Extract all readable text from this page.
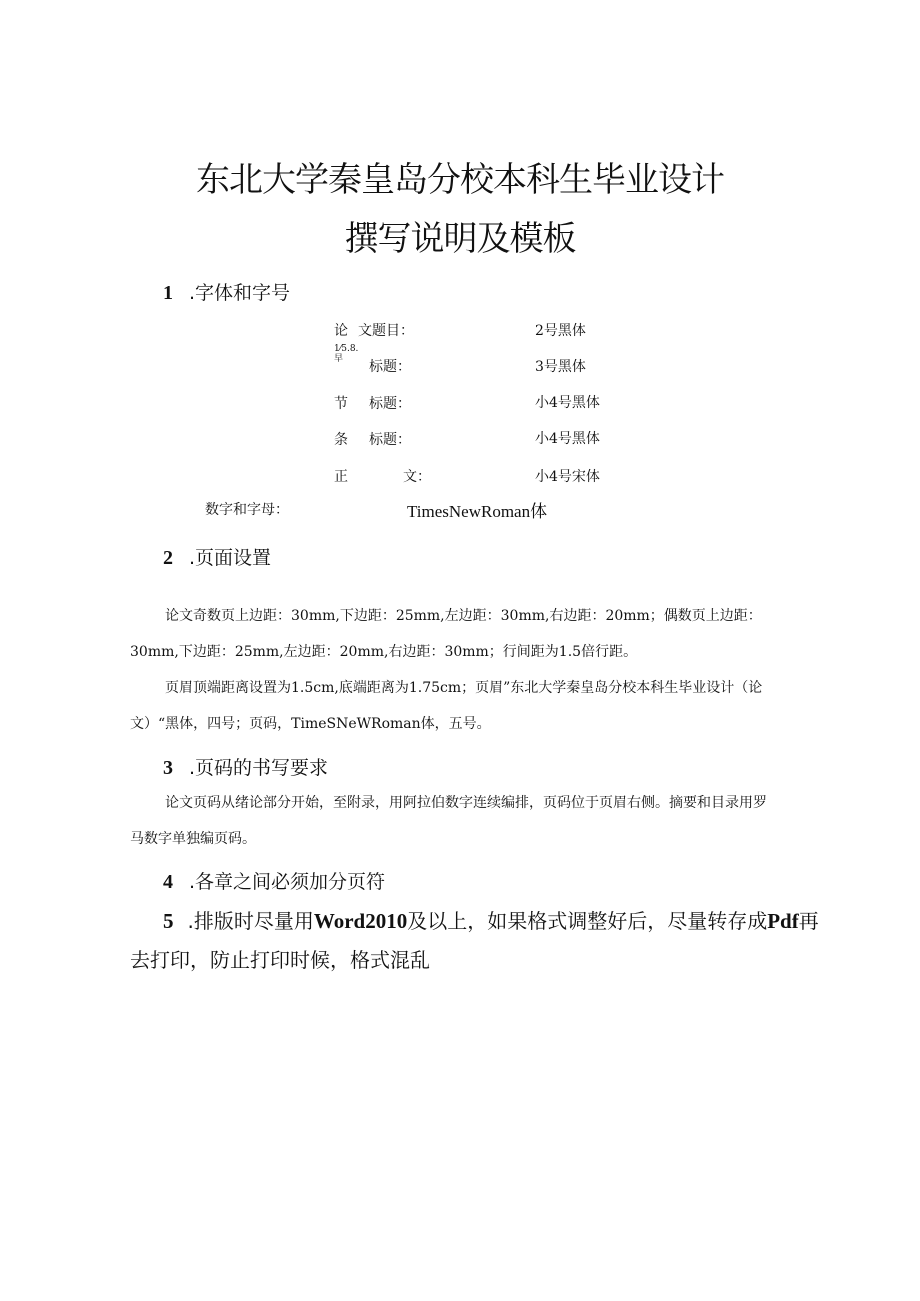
东北大学秦皇岛分校本科生毕业设计
撰写说明及模板
1 .字体和字号
论 文题目：	2号黑体
1⁄5.8.早	标题：	3号黑体
节 标题：	小4号黑体
条 标题：	小4号黑体
正	文：	小4号宋体
数字和字母：	TimesNewRoman体
2 .页面设置
论文奇数页上边距：30mm,下边距：25mm,左边距：30mm,右边距：20mm；偶数页上边距：
30mm,下边距：25mm,左边距：20mm,右边距：30mm；行间距为1.5倍行距。
页眉顶端距离设置为1.5cm,底端距离为1.75cm；页眉”东北大学秦皇岛分校本科生毕业设计（论
文）“黑体，四号；页码，TimeSNeWRoman体，五号。
3 .页码的书写要求
论文页码从绪论部分开始，至附录，用阿拉伯数字连续编排，页码位于页眉右侧。摘要和目录用罗
马数字单独编页码。
4 .各章之间必须加分页符
5 .排版时尽量用Word2010及以上，如果格式调整好后，尽量转存成Pdf再
去打印，防止打印时候，格式混乱
